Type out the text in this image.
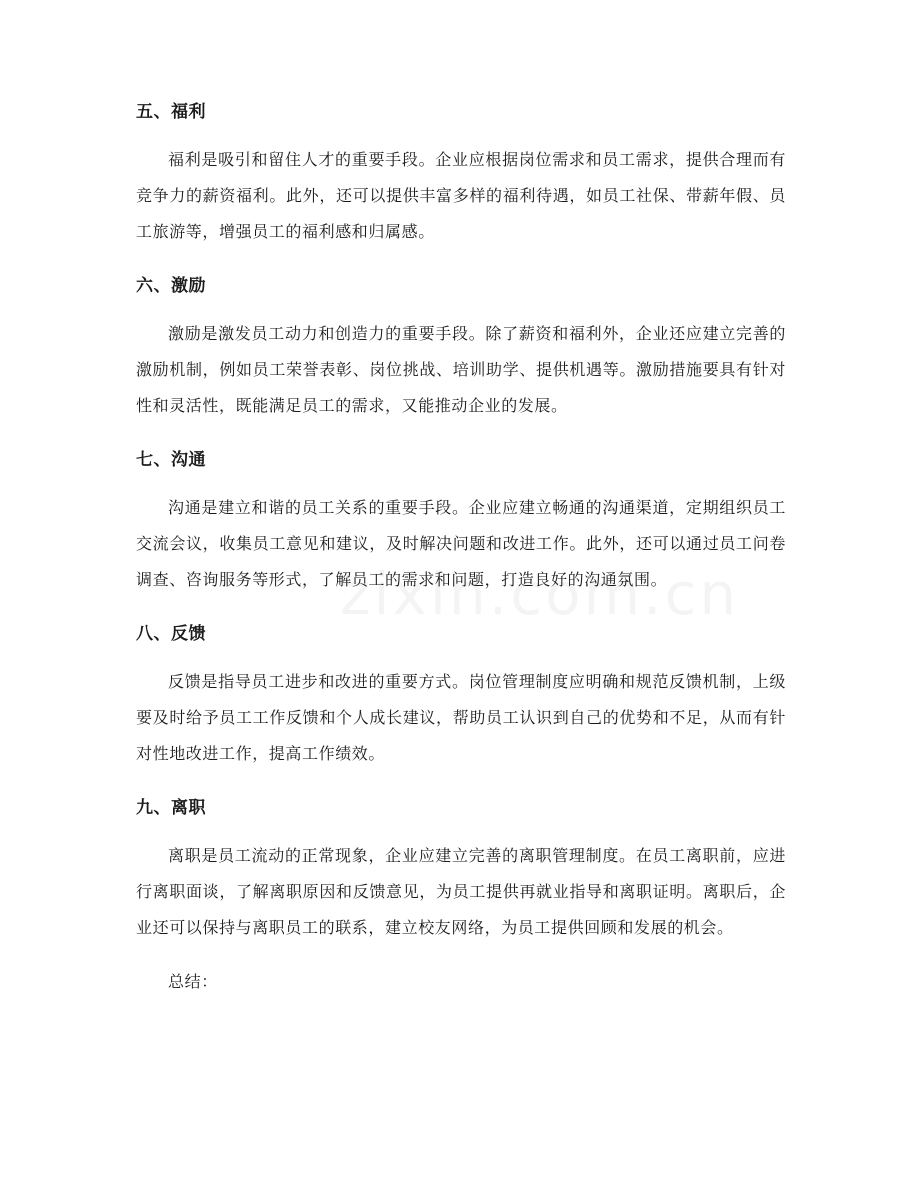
五、福利

福利是吸引和留住人才的重要手段。企业应根据岗位需求和员工需求，提供合理而有竞争力的薪资福利。此外，还可以提供丰富多样的福利待遇，如员工社保、带薪年假、员工旅游等，增强员工的福利感和归属感。

六、激励

激励是激发员工动力和创造力的重要手段。除了薪资和福利外，企业还应建立完善的激励机制，例如员工荣誉表彰、岗位挑战、培训助学、提供机遇等。激励措施要具有针对性和灵活性，既能满足员工的需求，又能推动企业的发展。

七、沟通

沟通是建立和谐的员工关系的重要手段。企业应建立畅通的沟通渠道，定期组织员工交流会议，收集员工意见和建议，及时解决问题和改进工作。此外，还可以通过员工问卷调查、咨询服务等形式，了解员工的需求和问题，打造良好的沟通氛围。

八、反馈

反馈是指导员工进步和改进的重要方式。岗位管理制度应明确和规范反馈机制，上级要及时给予员工工作反馈和个人成长建议，帮助员工认识到自己的优势和不足，从而有针对性地改进工作，提高工作绩效。

九、离职

离职是员工流动的正常现象，企业应建立完善的离职管理制度。在员工离职前，应进行离职面谈，了解离职原因和反馈意见，为员工提供再就业指导和离职证明。离职后，企业还可以保持与离职员工的联系，建立校友网络，为员工提供回顾和发展的机会。

总结：
